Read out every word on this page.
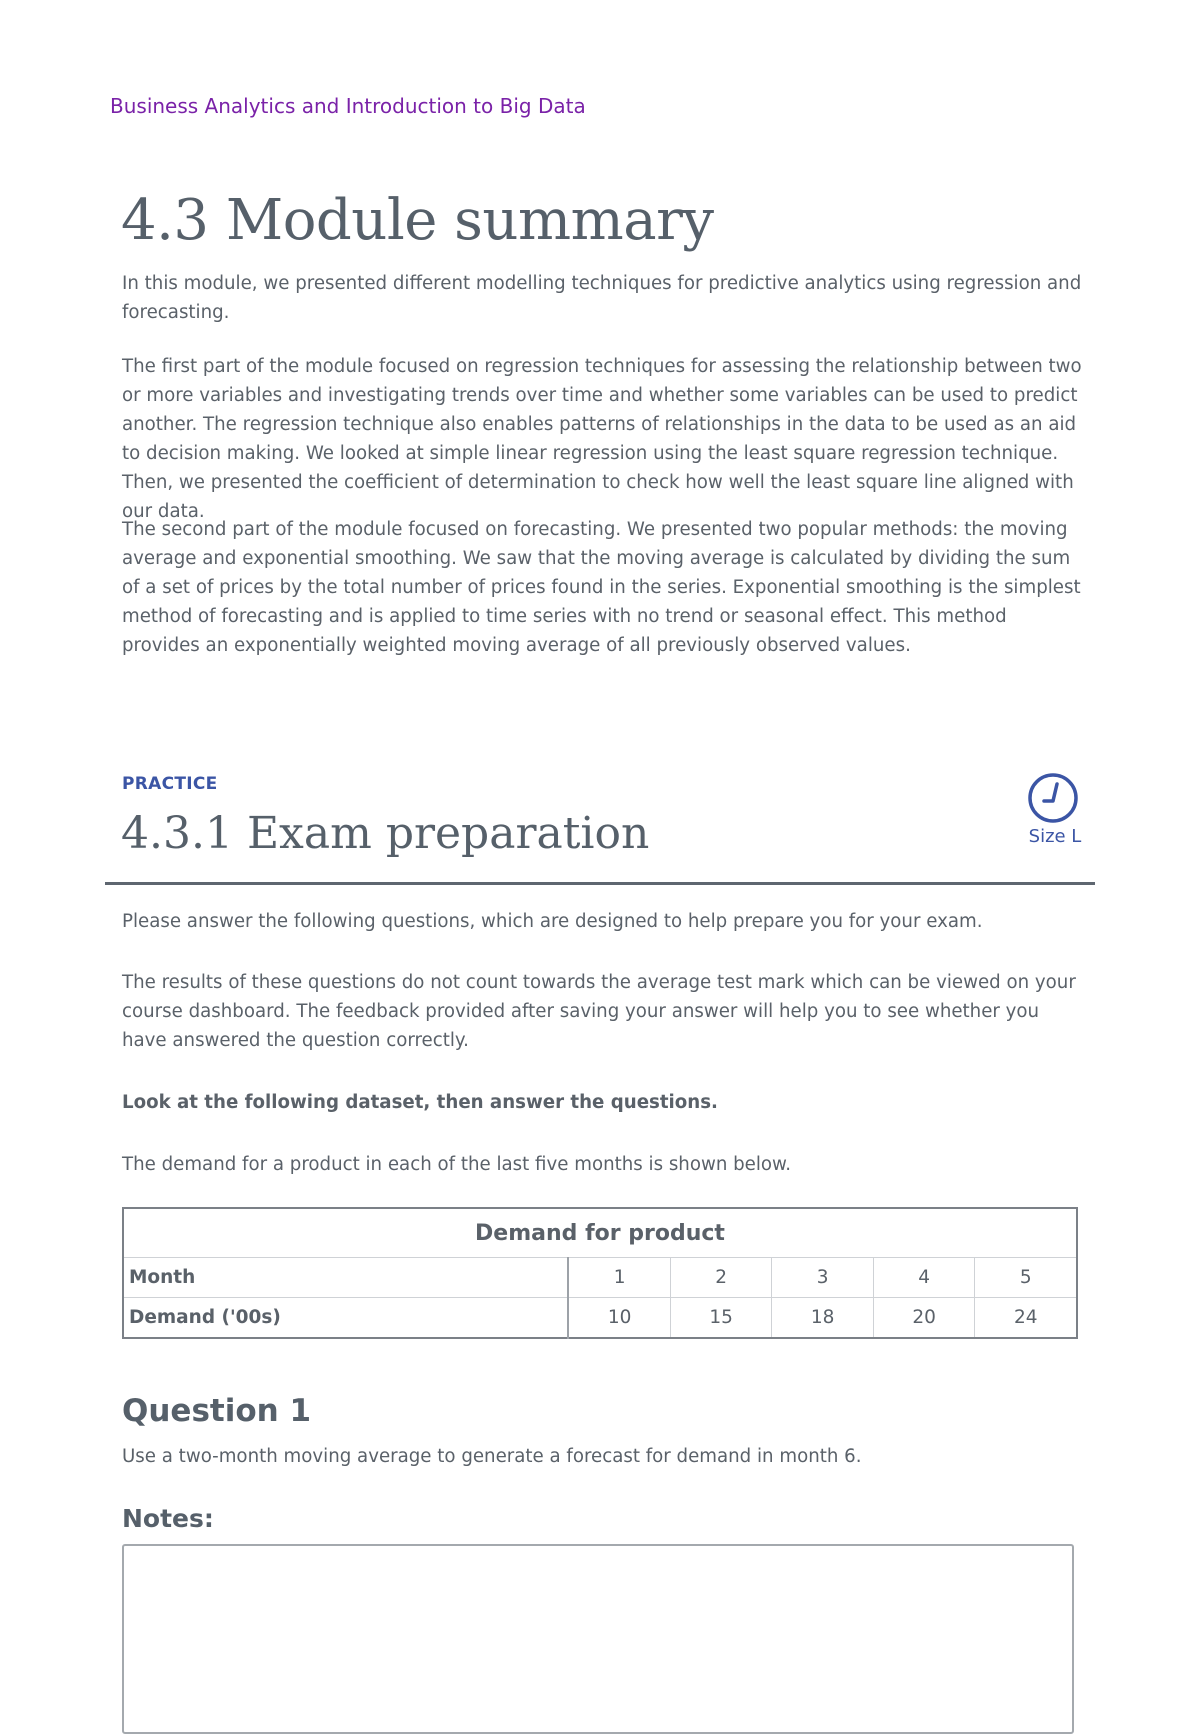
Business Analytics and Introduction to Big Data
4.3 Module summary

In this module, we presented different modelling techniques for predictive analytics using regression and forecasting.

The first part of the module focused on regression techniques for assessing the relationship between two or more variables and investigating trends over time and whether some variables can be used to predict another. The regression technique also enables patterns of relationships in the data to be used as an aid to decision making. We looked at simple linear regression using the least square regression technique. Then, we presented the coefficient of determination to check how well the least square line aligned with our data.

The second part of the module focused on forecasting. We presented two popular methods: the moving average and exponential smoothing. We saw that the moving average is calculated by dividing the sum of a set of prices by the total number of prices found in the series. Exponential smoothing is the simplest method of forecasting and is applied to time series with no trend or seasonal effect. This method provides an exponentially weighted moving average of all previously observed values.

PRACTICE
4.3.1 Exam preparation	Size L

Please answer the following questions, which are designed to help prepare you for your exam.

The results of these questions do not count towards the average test mark which can be viewed on your course dashboard. The feedback provided after saving your answer will help you to see whether you have answered the question correctly.

Look at the following dataset, then answer the questions.

The demand for a product in each of the last five months is shown below.

Demand for product					
Month	1	2	3	4	5
Demand ('00s)	10	15	18	20	24
Question 1

Use a two-month moving average to generate a forecast for demand in month 6.

Notes:
